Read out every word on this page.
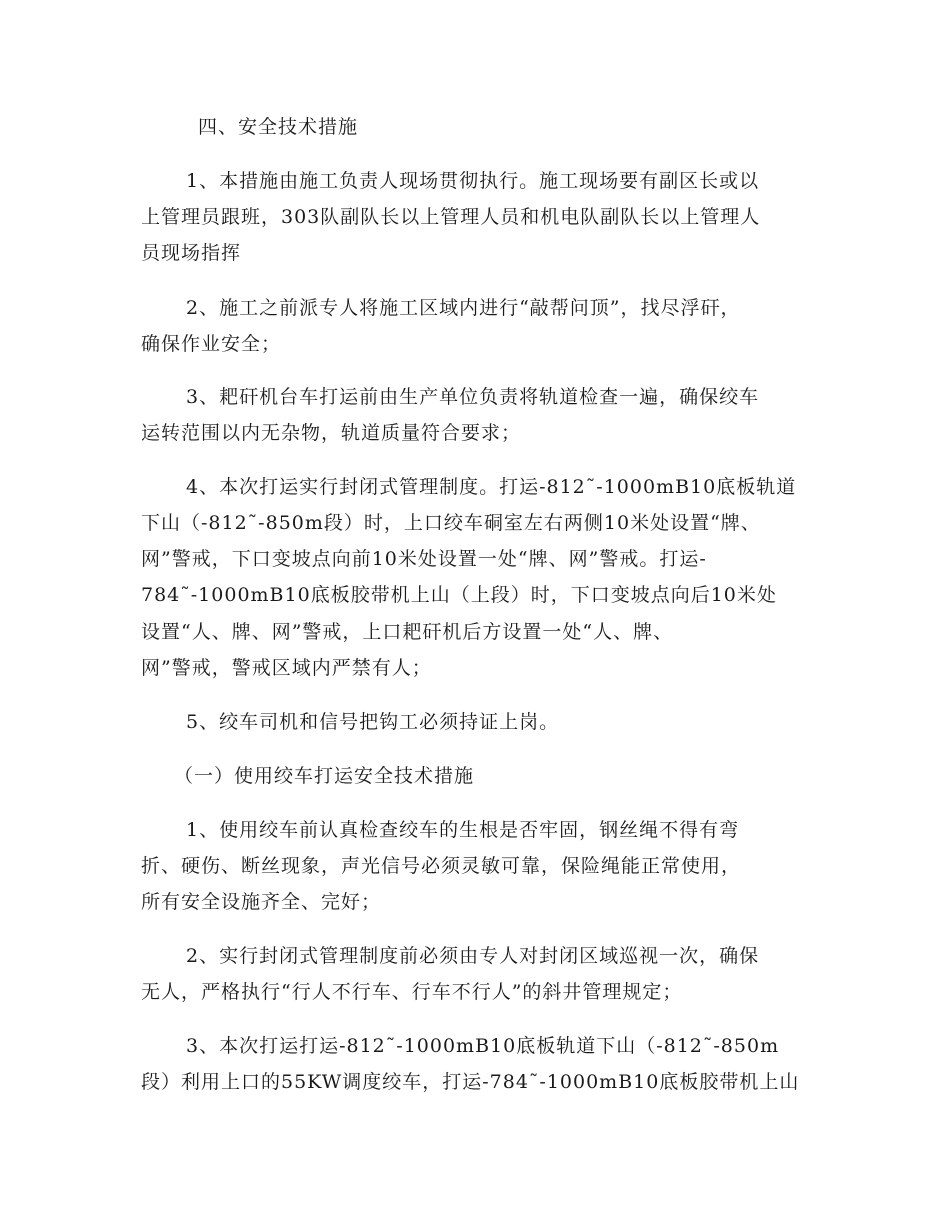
四、安全技术措施
1、本措施由施工负责人现场贯彻执行。施工现场要有副区长或以
上管理员跟班，303队副队长以上管理人员和机电队副队长以上管理人
员现场指挥
2、施工之前派专人将施工区域内进行“敲帮问顶”，找尽浮矸，
确保作业安全；
3、耙矸机台车打运前由生产单位负责将轨道检查一遍，确保绞车
运转范围以内无杂物，轨道质量符合要求；
4、本次打运实行封闭式管理制度。打运-812˜-1000mB10底板轨道
下山（-812˜-850m段）时，上口绞车硐室左右两侧10米处设置“牌、
网”警戒，下口变坡点向前10米处设置一处“牌、网”警戒。打运-
784˜-1000mB10底板胶带机上山（上段）时，下口变坡点向后10米处
设置“人、牌、网”警戒，上口耙矸机后方设置一处“人、牌、
网”警戒，警戒区域内严禁有人；
5、绞车司机和信号把钩工必须持证上岗。
（一）使用绞车打运安全技术措施
1、使用绞车前认真检查绞车的生根是否牢固，钢丝绳不得有弯
折、硬伤、断丝现象，声光信号必须灵敏可靠，保险绳能正常使用，
所有安全设施齐全、完好；
2、实行封闭式管理制度前必须由专人对封闭区域巡视一次，确保
无人，严格执行“行人不行车、行车不行人”的斜井管理规定；
3、本次打运打运-812˜-1000mB10底板轨道下山（-812˜-850m
段）利用上口的55KW调度绞车，打运-784˜-1000mB10底板胶带机上山
